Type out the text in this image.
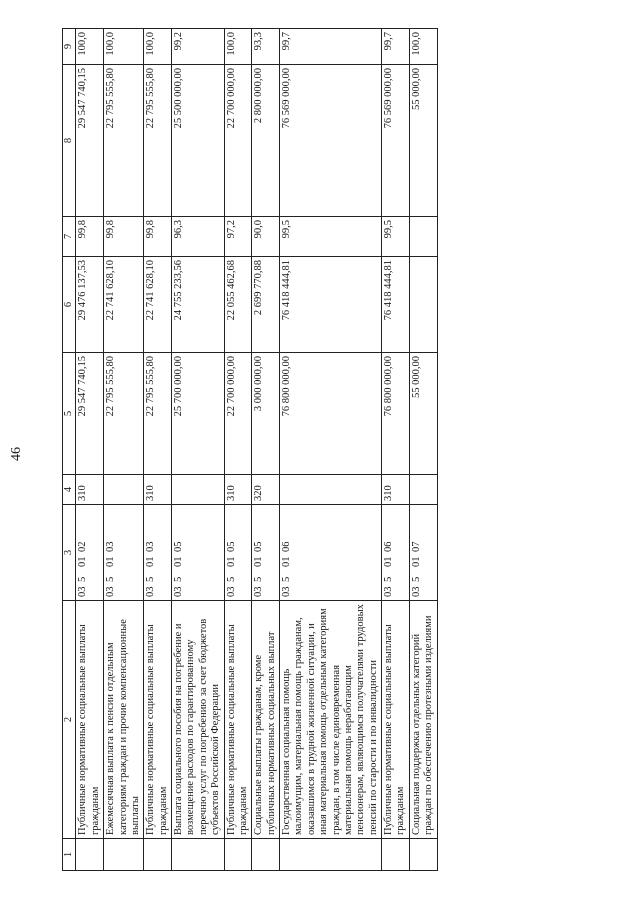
46
1	2	3	4	5	6	7	8	9
	Публичные нормативные социальные выплаты гражданам	0350102	310	29 547 740,15	29 476 137,53	99,8	29 547 740,15	100,0
	Ежемесячная выплата к пенсии отдельным категориям граждан и прочие компенсационные выплаты	0350103		22 795 555,80	22 741 628,10	99,8	22 795 555,80	100,0
	Публичные нормативные социальные выплаты гражданам	0350103	310	22 795 555,80	22 741 628,10	99,8	22 795 555,80	100,0
	Выплата социального пособия на погребение и возмещение расходов по гарантированному перечню услуг по погребению за счет бюджетов субъектов Российской Федерации	0350105		25 700 000,00	24 755 233,56	96,3	25 500 000,00	99,2
	Публичные нормативные социальные выплаты гражданам	0350105	310	22 700 000,00	22 055 462,68	97,2	22 700 000,00	100,0
	Социальные выплаты гражданам, кроме публичных нормативных социальных выплат	0350105	320	3 000 000,00	2 699 770,88	90,0	2 800 000,00	93,3
	Государственная социальная помощь малоимущим, материальная помощь гражданам, оказавшимся в трудной жизненной ситуации, и иная материальная помощь отдельным категориям граждан, в том числе единовременная материальная помощь неработающим пенсионерам, являющимся получателями трудовых пенсий по старости и по инвалидности	0350106		76 800 000,00	76 418 444,81	99,5	76 569 000,00	99,7
	Публичные нормативные социальные выплаты гражданам	0350106	310	76 800 000,00	76 418 444,81	99,5	76 569 000,00	99,7
	Социальная поддержка отдельных категорий граждан по обеспечению протезными изделиями	0350107		55 000,00			55 000,00	100,0
